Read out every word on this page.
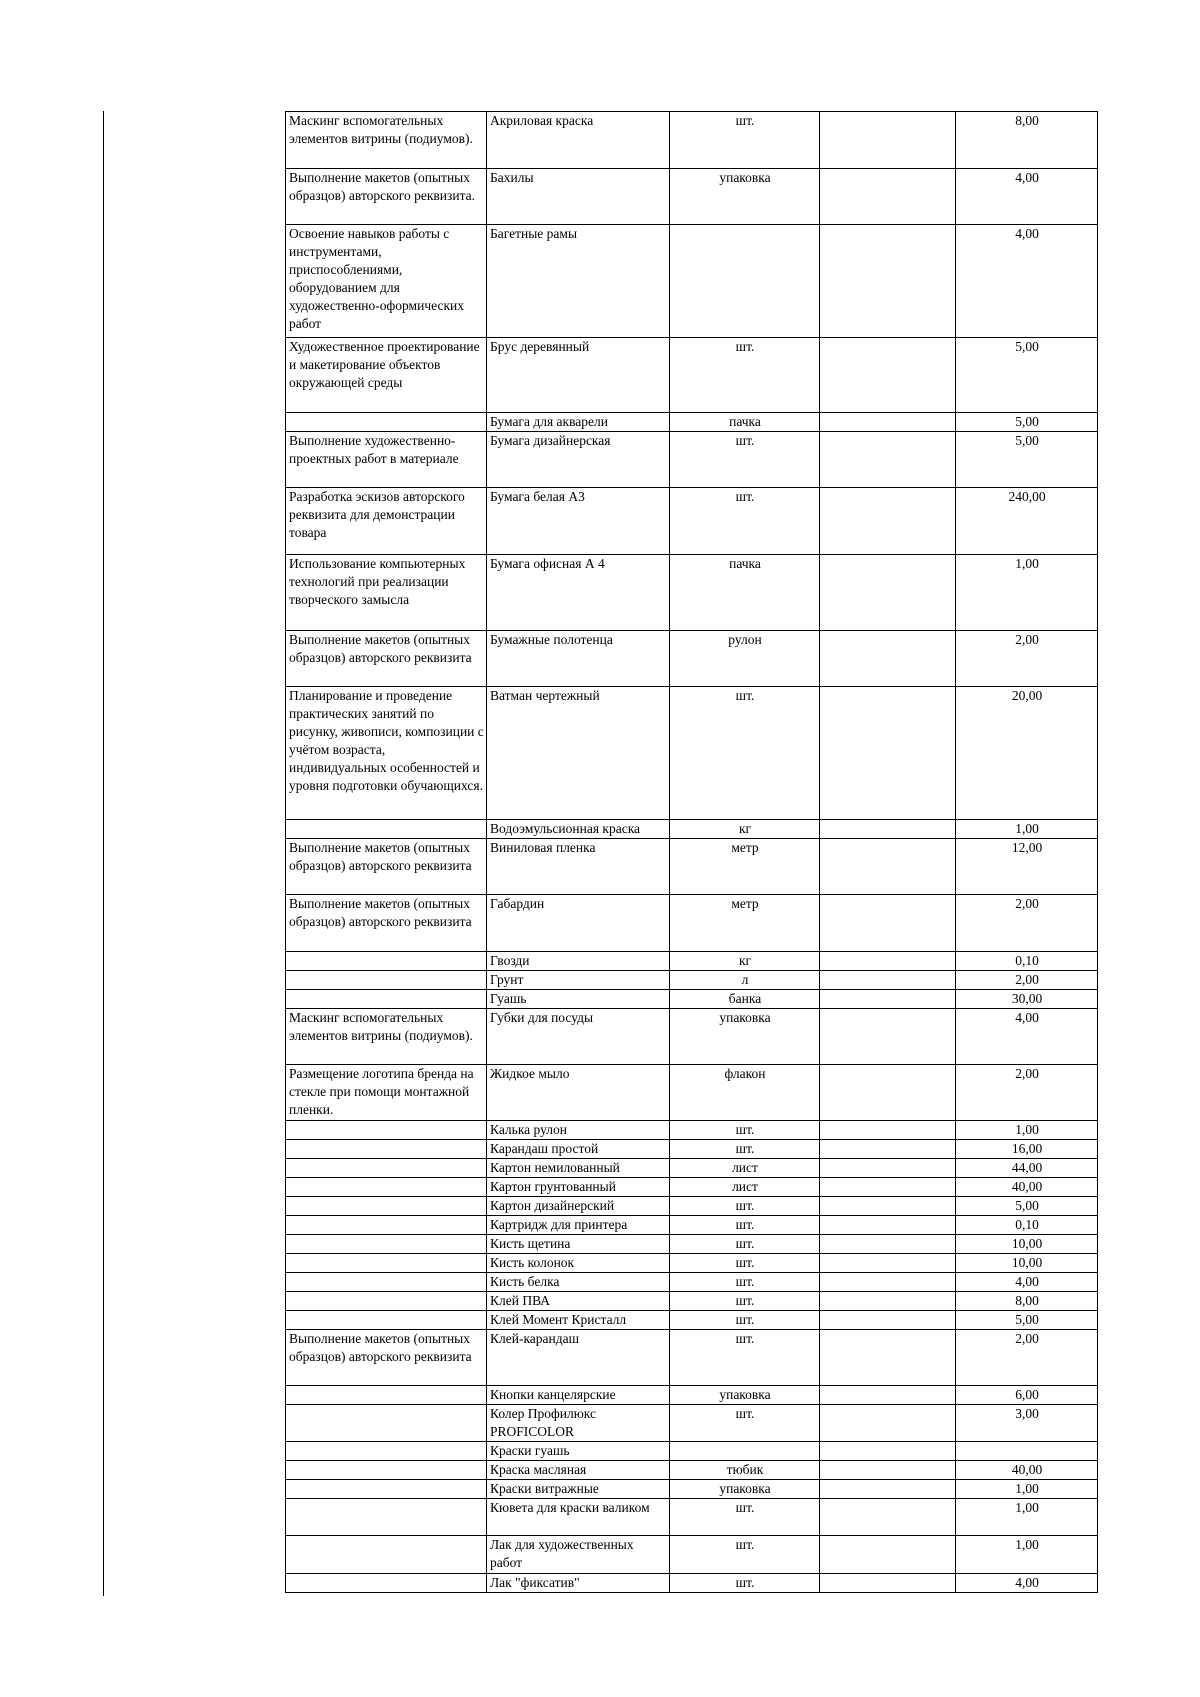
Маскинг вспомогательных элементов витрины (подиумов).	Акриловая краска	шт.		8,00
Выполнение макетов (опытных образцов) авторского реквизита.	Бахилы	упаковка		4,00
Освоение навыков работы с инструментами, приспособлениями, оборудованием для художественно-оформических работ	Багетные рамы			4,00
Художественное проектирование и макетирование объектов окружающей среды	Брус деревянный	шт.		5,00
	Бумага для акварели	пачка		5,00
Выполнение художественно-проектных работ в материале	Бумага дизайнерская	шт.		5,00
Разработка эскизов авторского реквизита для демонстрации товара	Бумага белая А3	шт.		240,00
Использование компьютерных технологий при реализации творческого замысла	Бумага офисная А 4	пачка		1,00
Выполнение макетов (опытных образцов) авторского реквизита	Бумажные полотенца	рулон		2,00
Планирование и проведение практических занятий по рисунку, живописи, композиции с учётом возраста, индивидуальных особенностей и уровня подготовки обучающихся.	Ватман чертежный	шт.		20,00
	Водоэмульсионная краска	кг		1,00
Выполнение макетов (опытных образцов) авторского реквизита	Виниловая пленка	метр		12,00
Выполнение макетов (опытных образцов) авторского реквизита	Габардин	метр		2,00
	Гвозди	кг		0,10
	Грунт	л		2,00
	Гуашь	банка		30,00
Маскинг вспомогательных элементов витрины (подиумов).	Губки для посуды	упаковка		4,00
Размещение логотипа бренда на стекле при помощи монтажной пленки.	Жидкое мыло	флакон		2,00
	Калька рулон	шт.		1,00
	Карандаш простой	шт.		16,00
	Картон немилованный	лист		44,00
	Картон грунтованный	лист		40,00
	Картон дизайнерский	шт.		5,00
	Картридж для принтера	шт.		0,10
	Кисть щетина	шт.		10,00
	Кисть колонок	шт.		10,00
	Кисть белка	шт.		4,00
	Клей ПВА	шт.		8,00
	Клей Момент Кристалл	шт.		5,00
Выполнение макетов (опытных образцов) авторского реквизита	Клей-карандаш	шт.		2,00
	Кнопки канцелярские	упаковка		6,00
	Колер Профилюкс PROFICOLOR	шт.		3,00
	Краски гуашь			
	Краска масляная	тюбик		40,00
	Краски витражные	упаковка		1,00
	Кювета для краски валиком	шт.		1,00
	Лак для художественных работ	шт.		1,00
	Лак "фиксатив"	шт.		4,00
